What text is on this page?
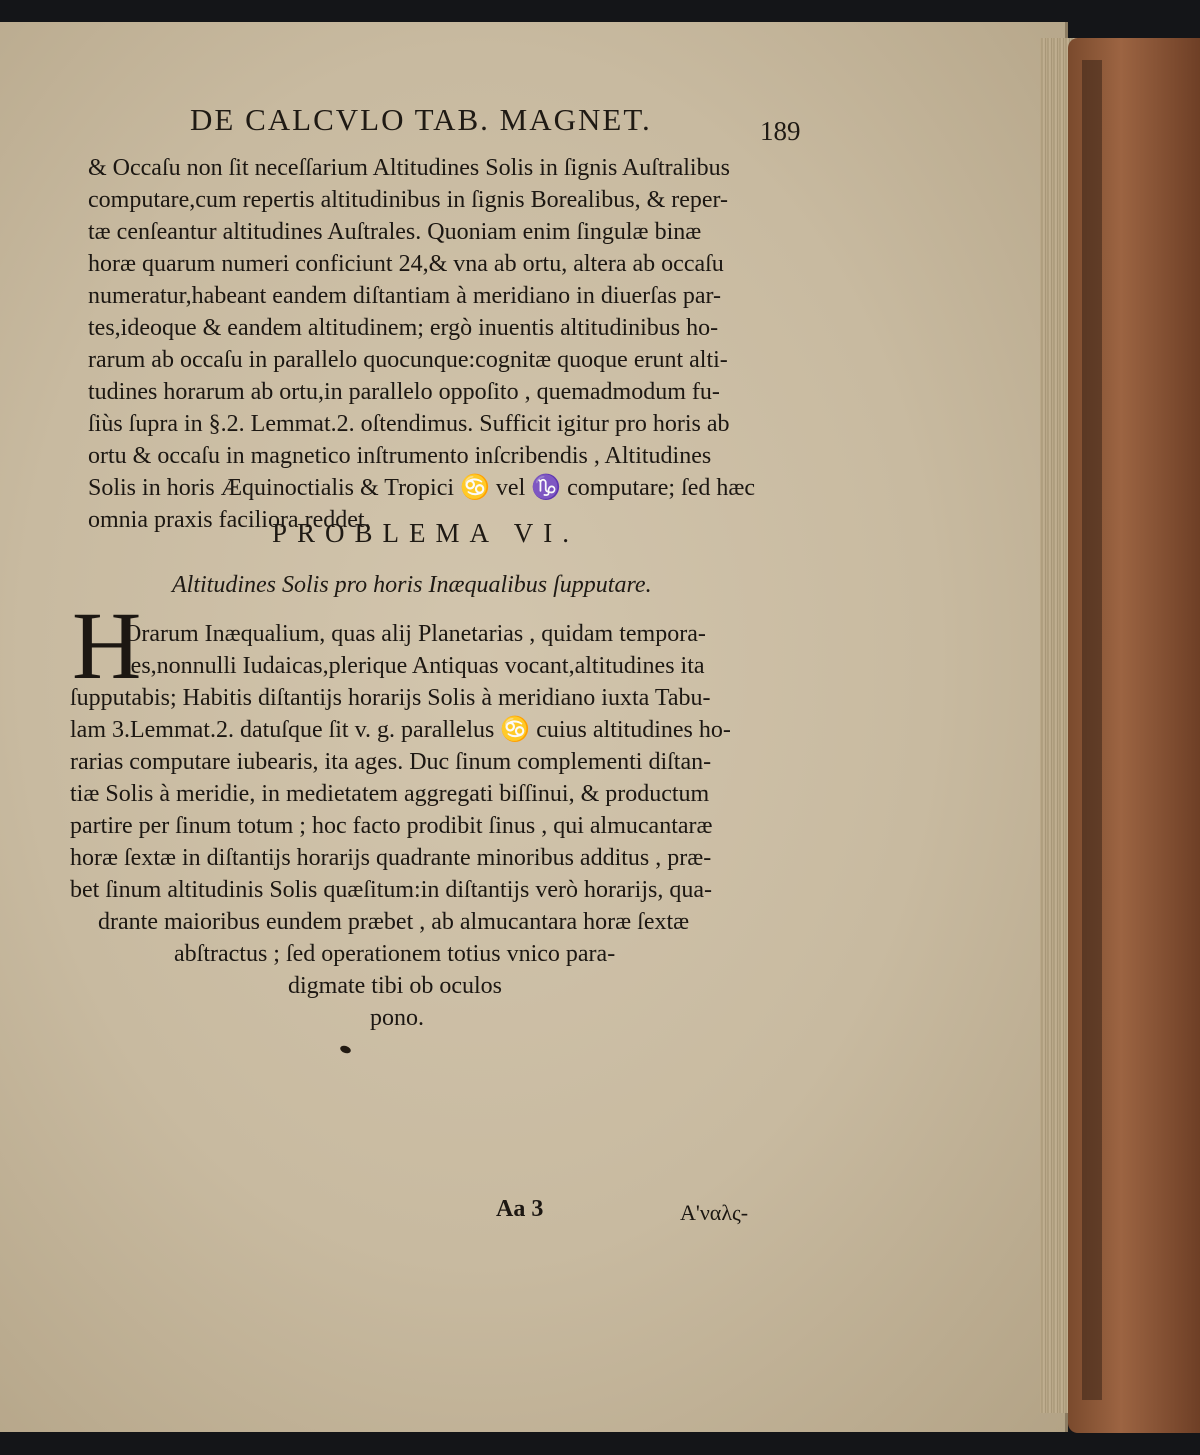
DE CALCVLO TAB. MAGNET.	189
& Occaſu non ſit neceſſarium Altitudines Solis in ſignis Auſtralibus
computare,cum repertis altitudinibus in ſignis Borealibus, & reper-
tæ cenſeantur altitudines Auſtrales. Quoniam enim ſingulæ binæ
horæ quarum numeri conficiunt 24,& vna ab ortu, altera ab occaſu
numeratur,habeant eandem diſtantiam à meridiano in diuerſas par-
tes,ideoque & eandem altitudinem; ergò inuentis altitudinibus ho-
rarum ab occaſu in parallelo quocunque:cognitæ quoque erunt alti-
tudines horarum ab ortu,in parallelo oppoſito , quemadmodum fu-
ſiùs ſupra in §.2. Lemmat.2. oſtendimus. Sufficit igitur pro horis ab
ortu & occaſu in magnetico inſtrumento inſcribendis , Altitudines
Solis in horis Æquinoctialis & Tropici ♋ vel ♑ computare; ſed hæc
omnia praxis faciliora reddet.
PROBLEMA VI.
Altitudines Solis pro horis Inæqualibus ſupputare.
H
Orarum Inæqualium, quas alij Planetarias , quidam tempora-
les,nonnulli Iudaicas,plerique Antiquas vocant,altitudines ita
ſupputabis; Habitis diſtantijs horarijs Solis à meridiano iuxta Tabu-
lam 3.Lemmat.2. datuſque ſit v. g. parallelus ♋ cuius altitudines ho-
rarias computare iubearis, ita ages. Duc ſinum complementi diſtan-
tiæ Solis à meridie, in medietatem aggregati biſſinui, & productum
partire per ſinum totum ; hoc facto prodibit ſinus , qui almucantaræ
horæ ſextæ in diſtantijs horarijs quadrante minoribus additus , præ-
bet ſinum altitudinis Solis quæſitum:in diſtantijs verò horarijs, qua-
drante maioribus eundem præbet , ab almucantara horæ ſextæ
abſtractus ; ſed operationem totius vnico para-
digmate tibi ob oculos
pono.
Aa 3	Α'ναλς-
